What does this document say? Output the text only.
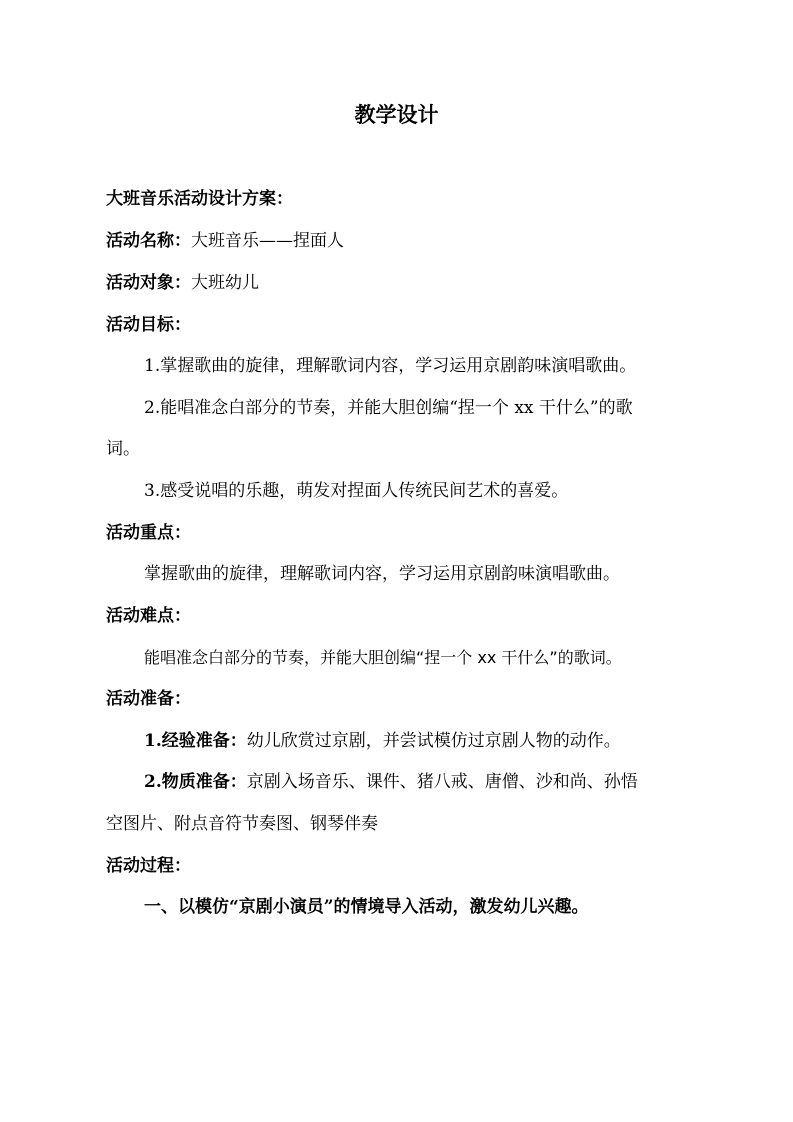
教学设计
大班音乐活动设计方案：
活动名称：大班音乐——捏面人
活动对象：大班幼儿
活动目标：
1.掌握歌曲的旋律，理解歌词内容，学习运用京剧韵味演唱歌曲。
2.能唱准念白部分的节奏，并能大胆创编“捏一个 xx 干什么”的歌
词。
3.感受说唱的乐趣，萌发对捏面人传统民间艺术的喜爱。
活动重点：
掌握歌曲的旋律，理解歌词内容，学习运用京剧韵味演唱歌曲。
活动难点：
能唱准念白部分的节奏，并能大胆创编“捏一个 xx 干什么”的歌词。
活动准备：
1.经验准备：幼儿欣赏过京剧，并尝试模仿过京剧人物的动作。
2.物质准备：京剧入场音乐、课件、猪八戒、唐僧、沙和尚、孙悟
空图片、附点音符节奏图、钢琴伴奏
活动过程：
一、以模仿“京剧小演员”的情境导入活动，激发幼儿兴趣。
